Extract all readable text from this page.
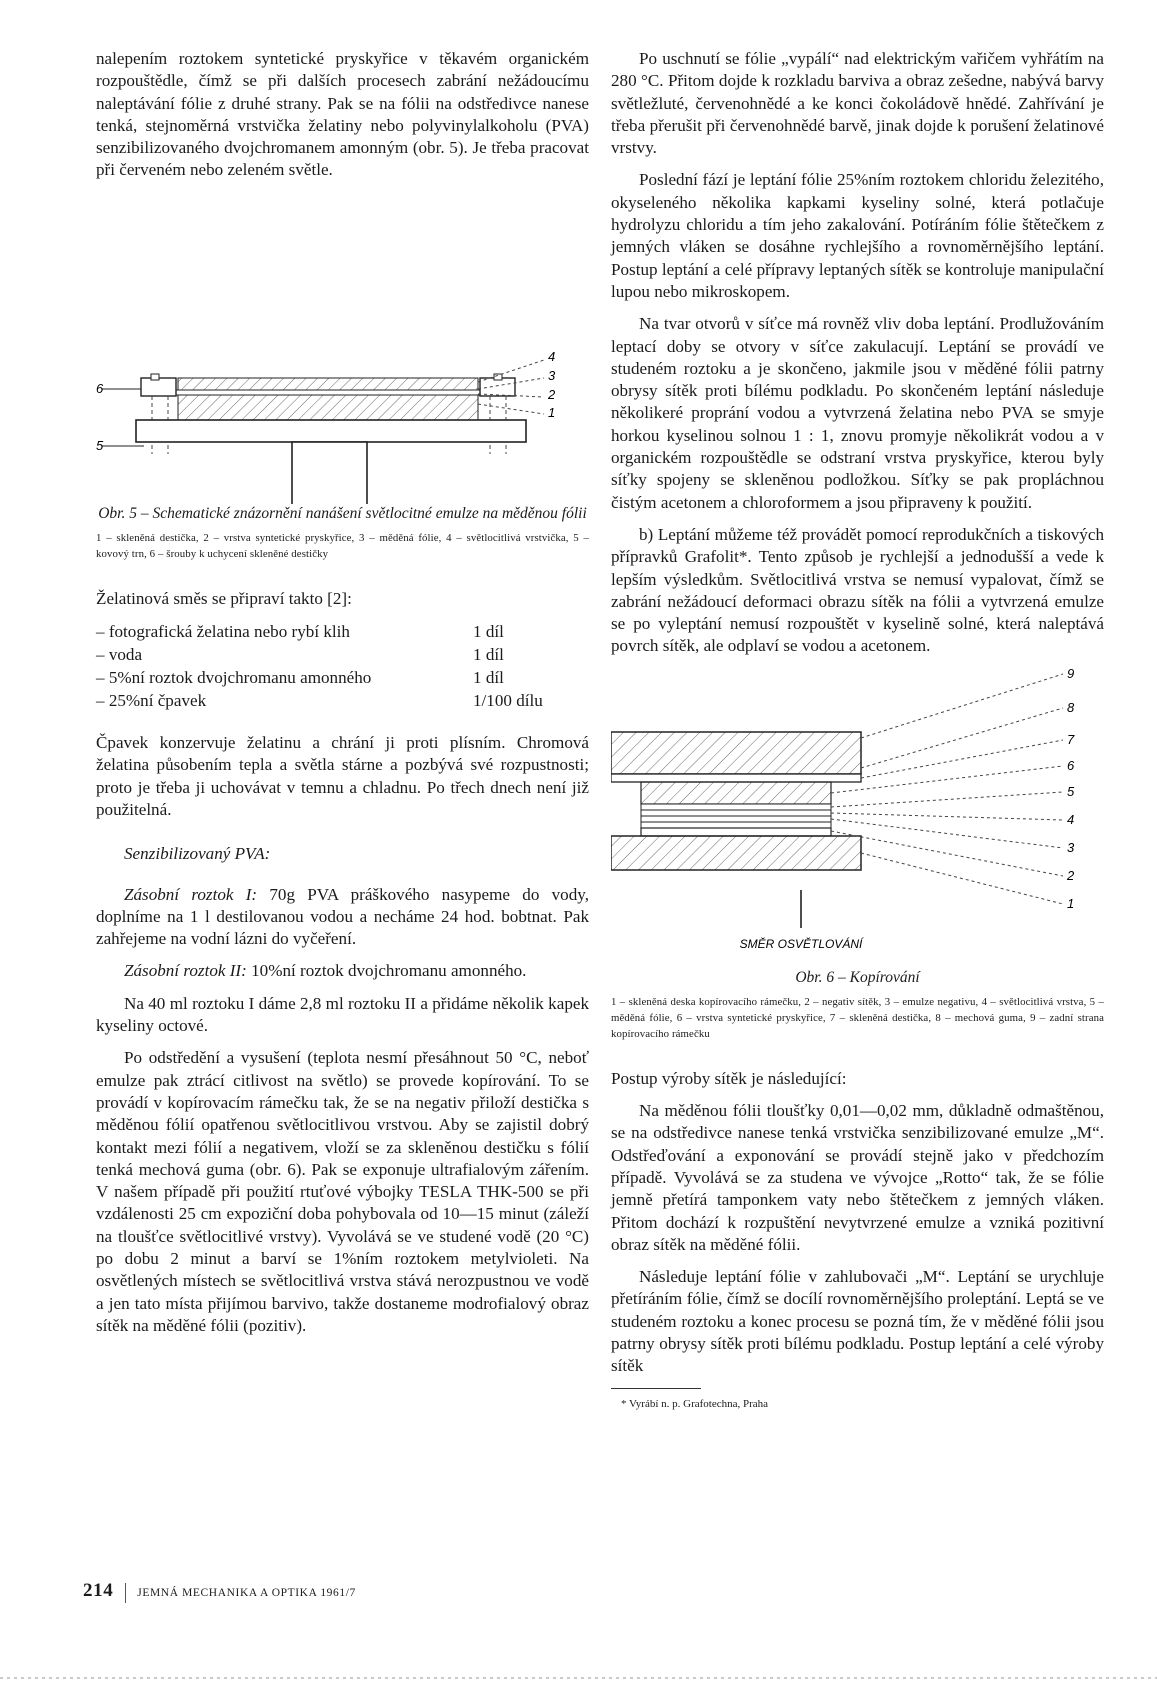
nalepením roztokem syntetické pryskyřice v těkavém organickém rozpouštědle, čímž se při dalších procesech zabrání nežádoucímu naleptávání fólie z druhé strany. Pak se na fólii na odstředivce nanese tenká, stejnoměrná vrstvička želatiny nebo polyvinylalkoholu (PVA) senzibilizovaného dvojchromanem amonným (obr. 5). Je třeba pracovat při červeném nebo zeleném světle.

6
5
4
3
2
1

Obr. 5 – Schematické znázornění nanášení světlocitné emulze na měděnou fólii

1 – skleněná destička, 2 – vrstva syntetické pryskyřice, 3 – měděná fólie, 4 – světlocitlivá vrstvička, 5 – kovový trn, 6 – šrouby k uchycení skleněné destičky

Želatinová směs se připraví takto [2]:

– fotografická želatina nebo rybí klih	1 díl
– voda	1 díl
– 5%ní roztok dvojchromanu amonného	1 díl
– 25%ní čpavek	1/100 dílu

Čpavek konzervuje želatinu a chrání ji proti plísním. Chromová želatina působením tepla a světla stárne a pozbývá své rozpustnosti; proto je třeba ji uchovávat v temnu a chladnu. Po třech dnech není již použitelná.

Senzibilizovaný PVA:

Zásobní roztok I: 70g PVA práškového nasypeme do vody, doplníme na 1 l destilovanou vodou a necháme 24 hod. bobtnat. Pak zahřejeme na vodní lázni do vyčeření.

Zásobní roztok II: 10%ní roztok dvojchromanu amonného.

Na 40 ml roztoku I dáme 2,8 ml roztoku II a přidáme několik kapek kyseliny octové.

Po odstředění a vysušení (teplota nesmí přesáhnout 50 °C, neboť emulze pak ztrácí citlivost na světlo) se provede kopírování. To se provádí v kopírovacím rámečku tak, že se na negativ přiloží destička s měděnou fólií opatřenou světlocitlivou vrstvou. Aby se zajistil dobrý kontakt mezi fólií a negativem, vloží se za skleněnou destičku s fólií tenká mechová guma (obr. 6). Pak se exponuje ultrafialovým zářením. V našem případě při použití rtuťové výbojky TESLA THK-500 se při vzdálenosti 25 cm expoziční doba pohybovala od 10—15 minut (záleží na tloušťce světlocitlivé vrstvy). Vyvolává se ve studené vodě (20 °C) po dobu 2 minut a barví se 1%ním roztokem metylvioleti. Na osvětlených místech se světlocitlivá vrstva stává nerozpustnou ve vodě a jen tato místa přijímou barvivo, takže dostaneme modrofialový obraz sítěk na měděné fólii (pozitiv).

Po uschnutí se fólie „vypálí“ nad elektrickým vařičem vyhřátím na 280 °C. Přitom dojde k rozkladu barviva a obraz zešedne, nabývá barvy světležluté, červenohnědé a ke konci čokoládově hnědé. Zahřívání je třeba přerušit při červenohnědé barvě, jinak dojde k porušení želatinové vrstvy.

Poslední fází je leptání fólie 25%ním roztokem chloridu železitého, okyseleného několika kapkami kyseliny solné, která potlačuje hydrolyzu chloridu a tím jeho zakalování. Potíráním fólie štětečkem z jemných vláken se dosáhne rychlejšího a rovnoměrnějšího leptání. Postup leptání a celé přípravy leptaných sítěk se kontroluje manipulační lupou nebo mikroskopem.

Na tvar otvorů v síťce má rovněž vliv doba leptání. Prodlužováním leptací doby se otvory v síťce zakulacují. Leptání se provádí ve studeném roztoku a je skončeno, jakmile jsou v měděné fólii patrny obrysy sítěk proti bílému podkladu. Po skončeném leptání následuje několikeré proprání vodou a vytvrzená želatina nebo PVA se smyje horkou kyselinou solnou 1 : 1, znovu promyje několikrát vodou a v organickém rozpouštědle se odstraní vrstva pryskyřice, kterou byly síťky spojeny se skleněnou podložkou. Síťky se pak propláchnou čistým acetonem a chloroformem a jsou připraveny k použití.

b) Leptání můžeme též provádět pomocí reprodukčních a tiskových přípravků Grafolit*. Tento způsob je rychlejší a jednodušší a vede k lepším výsledkům. Světlocitlivá vrstva se nemusí vypalovat, čímž se zabrání nežádoucí deformaci obrazu sítěk na fólii a vytvrzená emulze se po vyleptání nemusí rozpouštět v kyselině solné, která naleptává povrch sítěk, ale odplaví se vodou a acetonem.

9
8
7
6
5
4
3
2
1
SMĚR OSVĚTLOVÁNÍ

Obr. 6 – Kopírování

1 – skleněná deska kopírovacího rámečku, 2 – negativ sítěk, 3 – emulze negativu, 4 – světlocitlivá vrstva, 5 – měděná fólie, 6 – vrstva syntetické pryskyřice, 7 – skleněná destička, 8 – mechová guma, 9 – zadní strana kopírovacího rámečku

Postup výroby sítěk je následující:

Na měděnou fólii tloušťky 0,01—0,02 mm, důkladně odmaštěnou, se na odstředivce nanese tenká vrstvička senzibilizované emulze „M“. Odstřeďování a exponování se provádí stejně jako v předchozím případě. Vyvolává se za studena ve vývojce „Rotto“ tak, že se fólie jemně přetírá tamponkem vaty nebo štětečkem z jemných vláken. Přitom dochází k rozpuštění nevytvrzené emulze a vzniká pozitivní obraz sítěk na měděné fólii.

Následuje leptání fólie v zahlubovači „M“. Leptání se urychluje přetíráním fólie, čímž se docílí rovnoměrnějšího proleptání. Leptá se ve studeném roztoku a konec procesu se pozná tím, že v měděné fólii jsou patrny obrysy sítěk proti bílému podkladu. Postup leptání a celé výroby sítěk

* Vyrábí n. p. Grafotechna, Praha
214 JEMNÁ MECHANIKA A OPTIKA 1961/7
